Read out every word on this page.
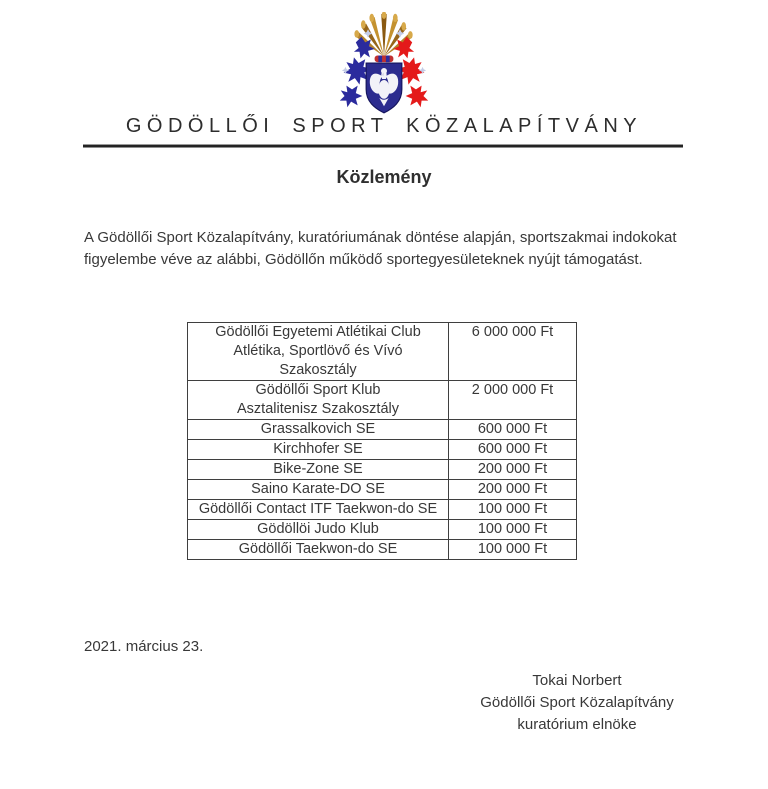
GÖDÖLLŐI SPORT KÖZALAPÍTVÁNY
Közlemény

A Gödöllői Sport Közalapítvány, kuratóriumának döntése alapján, sportszakmai indokokat figyelembe véve az alábbi, Gödöllőn működő sportegyesületeknek nyújt támogatást.

Gödöllői Egyetemi Atlétikai Club
Atlétika, Sportlövő és Vívó Szakosztály	6 000 000 Ft
Gödöllői Sport Klub
Asztalitenisz Szakosztály	2 000 000 Ft
Grassalkovich SE	600 000 Ft
Kirchhofer SE	600 000 Ft
Bike-Zone SE	200 000 Ft
Saino Karate-DO SE	200 000 Ft
Gödöllői Contact ITF Taekwon-do SE	100 000 Ft
Gödöllöi Judo Klub	100 000 Ft
Gödöllői Taekwon-do SE	100 000 Ft
2021. március 23.
Tokai Norbert
Gödöllői Sport Közalapítvány
kuratórium elnöke
